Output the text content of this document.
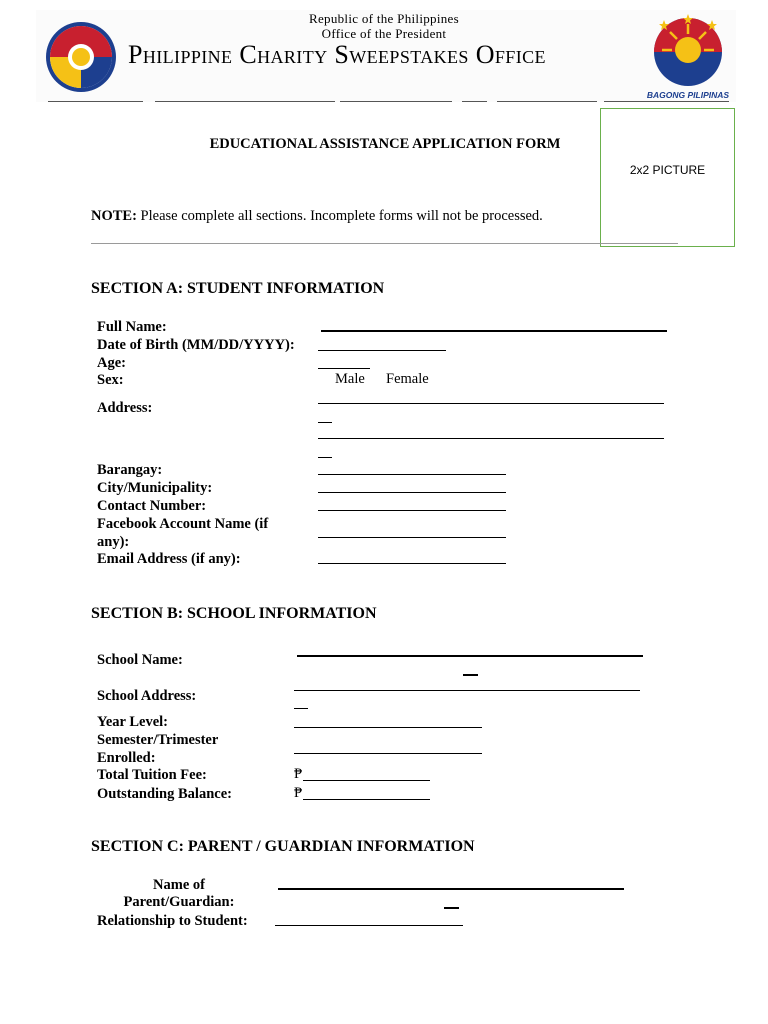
Republic of the Philippines
Office of the President
Philippine Charity Sweepstakes Office
BAGONG PILIPINAS
EDUCATIONAL ASSISTANCE APPLICATION FORM
2x2 PICTURE
NOTE: Please complete all sections. Incomplete forms will not be processed.
SECTION A: STUDENT INFORMATION
Full Name:
Date of Birth (MM/DD/YYYY):
Age:
Sex:	Male Female
Address:
Barangay:
City/Municipality:
Contact Number:
Facebook Account Name (if
any):
Email Address (if any):
SECTION B: SCHOOL INFORMATION
School Name:
School Address:
Year Level:
Semester/Trimester
Enrolled:
Total Tuition Fee:	₱
Outstanding Balance:	₱
SECTION C: PARENT / GUARDIAN INFORMATION
Name of
Parent/Guardian:
Relationship to Student:
